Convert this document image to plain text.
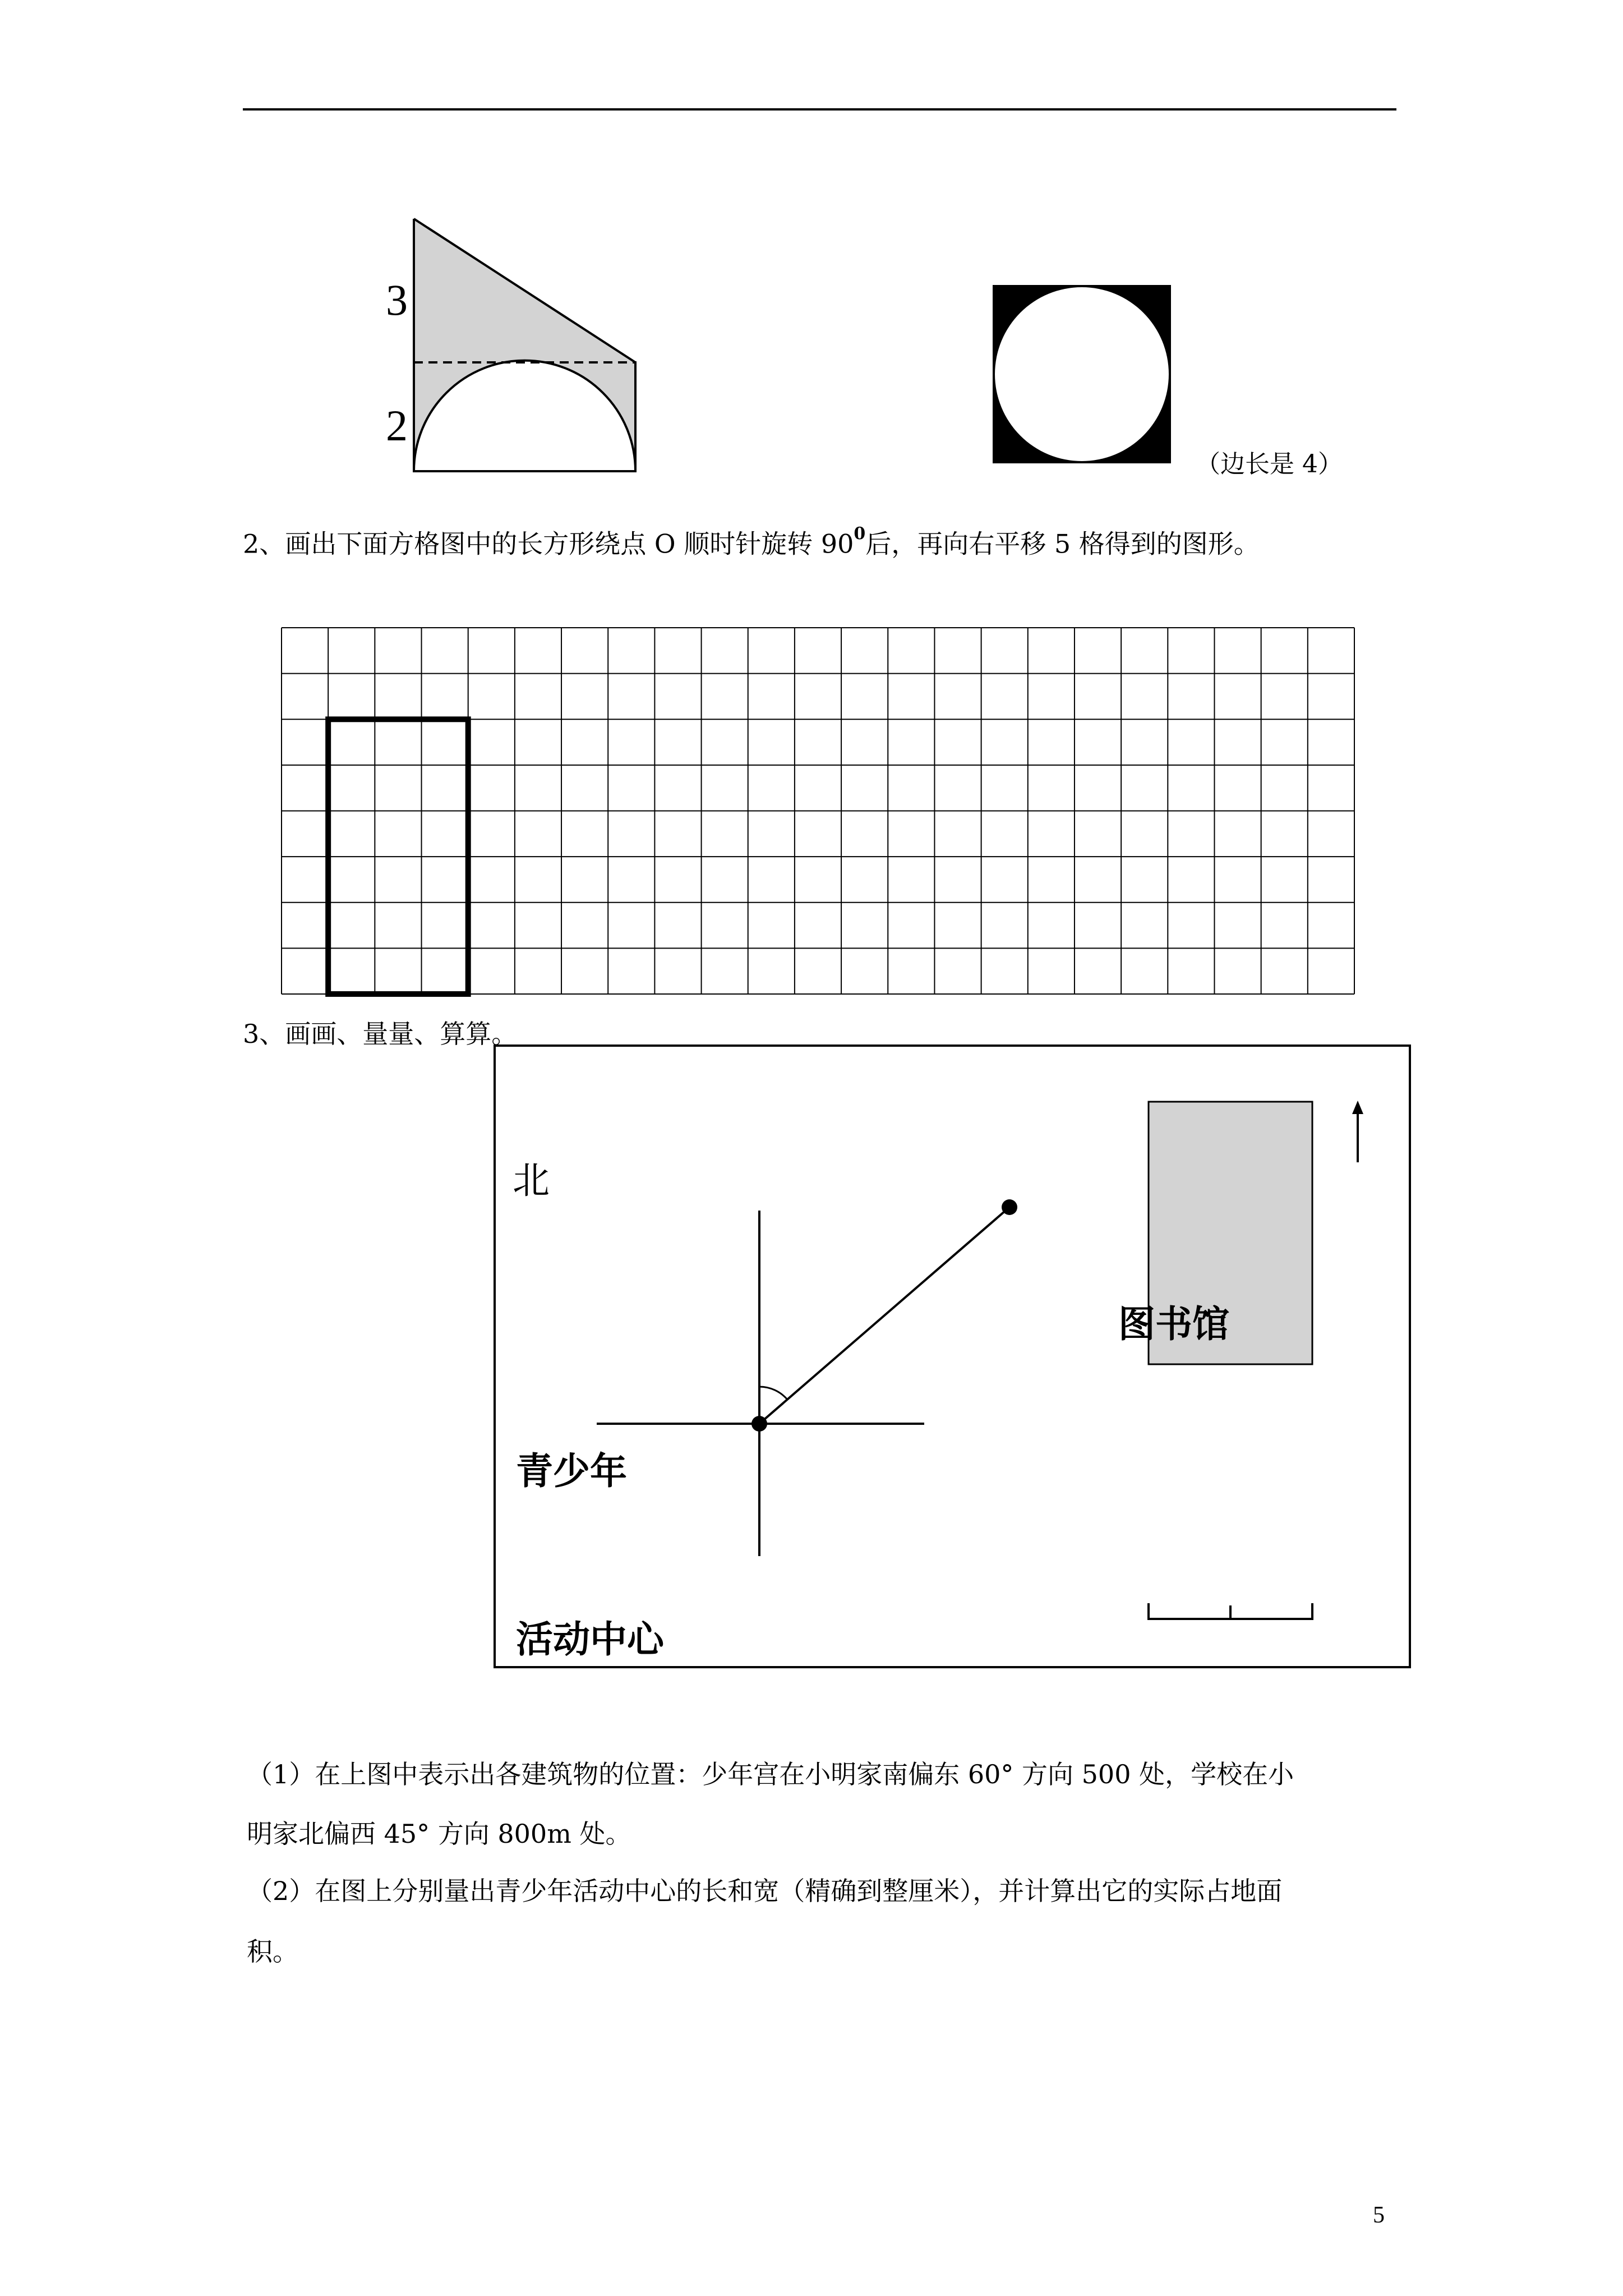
3
2
（边长是 4）
2、画出下面方格图中的长方形绕点 O 顺时针旋转 $90^0$后，再向右平移 5 格得到的图形。
3、画画、量量、算算。
北
图书馆
青少年
活动中心
（1）在上图中表示出各建筑物的位置：少年宫在小明家南偏东 60° 方向 500 处，学校在小
明家北偏西 45° 方向 800m 处。
（2）在图上分别量出青少年活动中心的长和宽（精确到整厘米），并计算出它的实际占地面
积。
5
